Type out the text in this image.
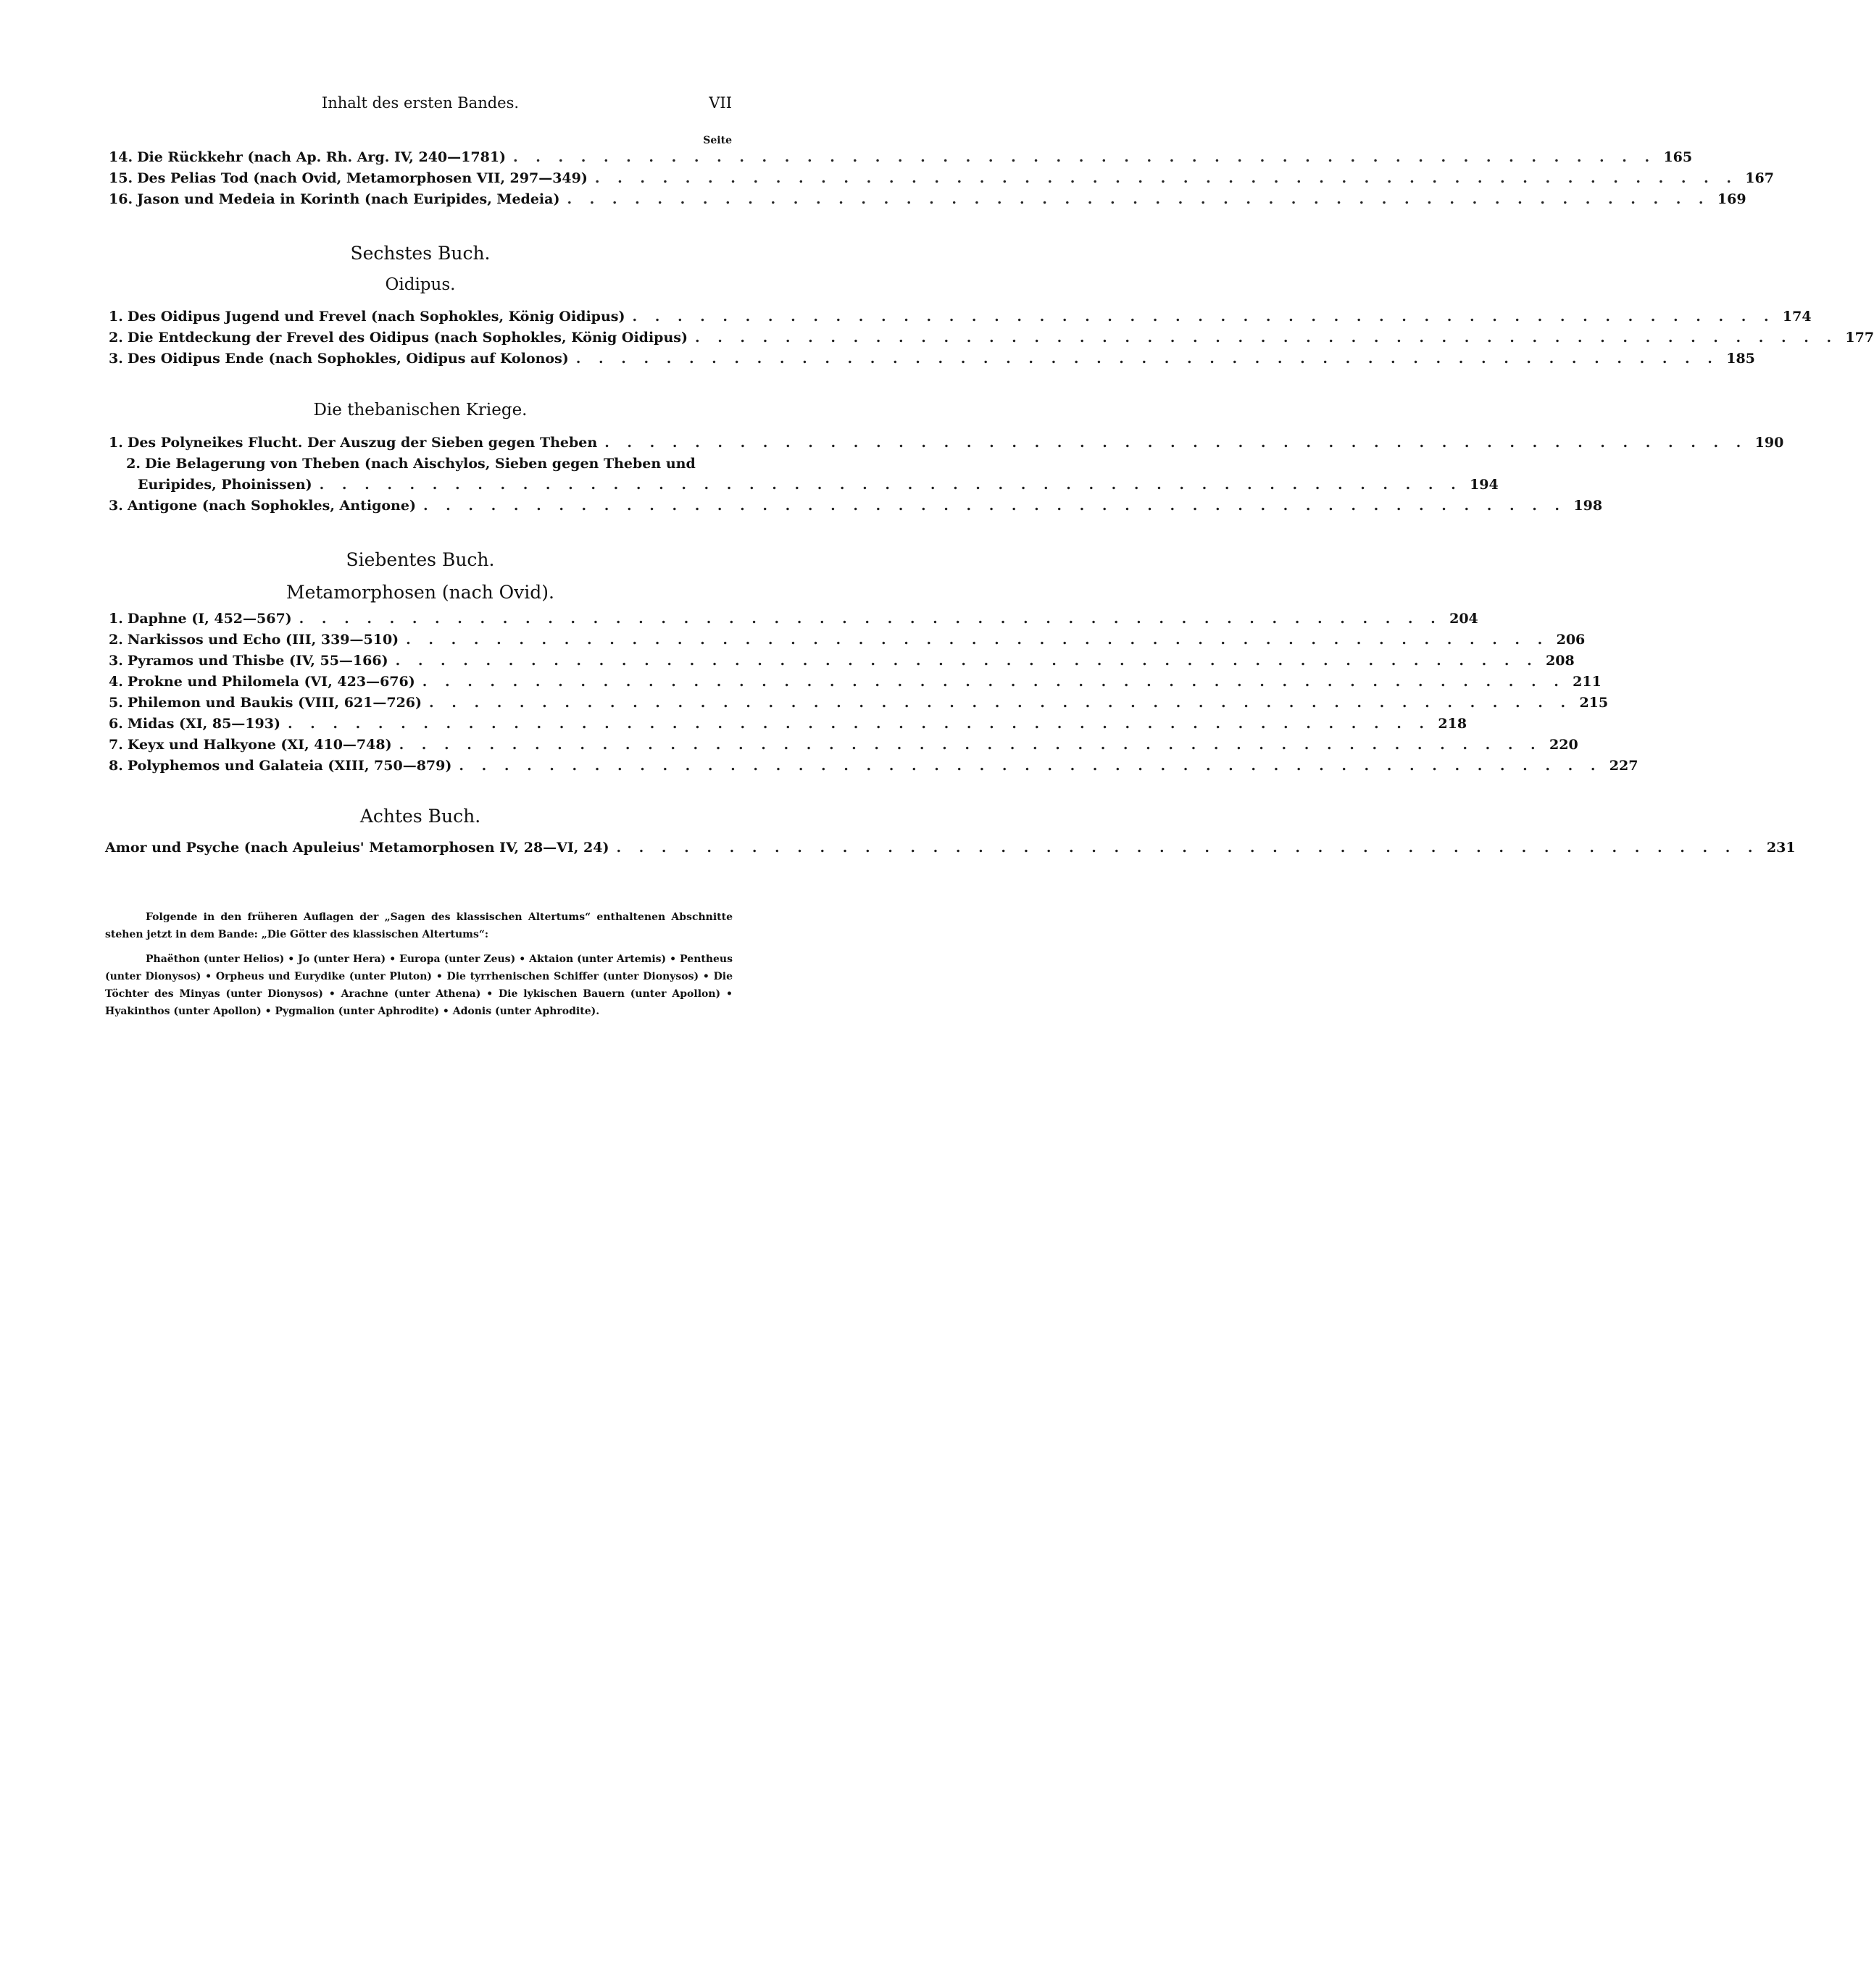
Inhalt des ersten Bandes.	VII
Seite
14. Die Rückkehr (nach Ap. Rh. Arg. IV, 240—1781) . . .	165
15. Des Pelias Tod (nach Ovid, Metamorphosen VII, 297—349) . . .	167
16. Jason und Medeia in Korinth (nach Euripides, Medeia) . . .	169
Sechstes Buch.
Oidipus.
1. Des Oidipus Jugend und Frevel (nach Sophokles, König Oidipus) . . .	174
2. Die Entdeckung der Frevel des Oidipus (nach Sophokles, König Oidipus) . . .	177
3. Des Oidipus Ende (nach Sophokles, Oidipus auf Kolonos) . . .	185
Die thebanischen Kriege.
1. Des Polyneikes Flucht. Der Auszug der Sieben gegen Theben . . .	190
2. Die Belagerung von Theben (nach Aischylos, Sieben gegen Theben und
Euripides, Phoinissen) . . .	194
3. Antigone (nach Sophokles, Antigone) . . .	198
Siebentes Buch.
Metamorphosen (nach Ovid).
1. Daphne (I, 452—567) . . .	204
2. Narkissos und Echo (III, 339—510) . . .	206
3. Pyramos und Thisbe (IV, 55—166) . . .	208
4. Prokne und Philomela (VI, 423—676) . . .	211
5. Philemon und Baukis (VIII, 621—726) . . .	215
6. Midas (XI, 85—193) . . .	218
7. Keyx und Halkyone (XI, 410—748) . . .	220
8. Polyphemos und Galateia (XIII, 750—879) . . .	227
Achtes Buch.
Amor und Psyche (nach Apuleius' Metamorphosen IV, 28—VI, 24) . . .	231

Folgende in den früheren Auflagen der „Sagen des klassischen Altertums“ enthaltenen Abschnitte stehen jetzt in dem Bande: „Die Götter des klassischen Altertums“:

Phaëthon (unter Helios) • Jo (unter Hera) • Europa (unter Zeus) • Aktaion (unter Artemis) • Pentheus (unter Dionysos) • Orpheus und Eurydike (unter Pluton) • Die tyrrhenischen Schiffer (unter Dionysos) • Die Töchter des Minyas (unter Dionysos) • Arachne (unter Athena) • Die lykischen Bauern (unter Apollon) • Hyakinthos (unter Apollon) • Pygmalion (unter Aphrodite) • Adonis (unter Aphrodite).
